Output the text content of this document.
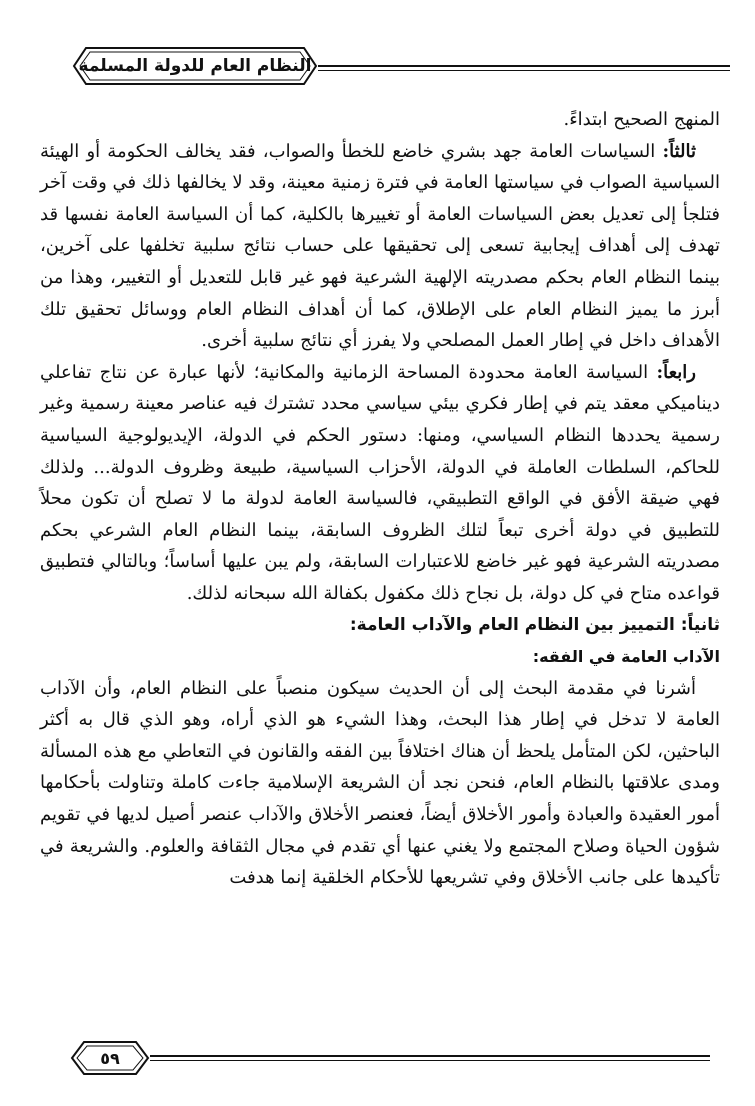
النظام العام للدولة المسلمة

المنهج الصحيح ابتداءً.

ثالثاً: السياسات العامة جهد بشري خاضع للخطأ والصواب، فقد يخالف الحكومة أو الهيئة السياسية الصواب في سياستها العامة في فترة زمنية معينة، وقد لا يخالفها ذلك في وقت آخر فتلجأ إلى تعديل بعض السياسات العامة أو تغييرها بالكلية، كما أن السياسة العامة نفسها قد تهدف إلى أهداف إيجابية تسعى إلى تحقيقها على حساب نتائج سلبية تخلفها على آخرين، بينما النظام العام بحكم مصدريته الإلهية الشرعية فهو غير قابل للتعديل أو التغيير، وهذا من أبرز ما يميز النظام العام على الإطلاق، كما أن أهداف النظام العام ووسائل تحقيق تلك الأهداف داخل في إطار العمل المصلحي ولا يفرز أي نتائج سلبية أخرى.

رابعاً: السياسة العامة محدودة المساحة الزمانية والمكانية؛ لأنها عبارة عن نتاج تفاعلي ديناميكي معقد يتم في إطار فكري بيئي سياسي محدد تشترك فيه عناصر معينة رسمية وغير رسمية يحددها النظام السياسي، ومنها: دستور الحكم في الدولة، الإيديولوجية السياسية للحاكم، السلطات العاملة في الدولة، الأحزاب السياسية، طبيعة وظروف الدولة... ولذلك فهي ضيقة الأفق في الواقع التطبيقي، فالسياسة العامة لدولة ما لا تصلح أن تكون محلاً للتطبيق في دولة أخرى تبعاً لتلك الظروف السابقة، بينما النظام العام الشرعي بحكم مصدريته الشرعية فهو غير خاضع للاعتبارات السابقة، ولم يبن عليها أساساً؛ وبالتالي فتطبيق قواعده متاح في كل دولة، بل نجاح ذلك مكفول بكفالة الله سبحانه لذلك.

ثانياً: التمييز بين النظام العام والآداب العامة:

الآداب العامة في الفقه:

أشرنا في مقدمة البحث إلى أن الحديث سيكون منصباً على النظام العام، وأن الآداب العامة لا تدخل في إطار هذا البحث، وهذا الشيء هو الذي أراه، وهو الذي قال به أكثر الباحثين، لكن المتأمل يلحظ أن هناك اختلافاً بين الفقه والقانون في التعاطي مع هذه المسألة ومدى علاقتها بالنظام العام، فنحن نجد أن الشريعة الإسلامية جاءت كاملة وتناولت بأحكامها أمور العقيدة والعبادة وأمور الأخلاق أيضاً، فعنصر الأخلاق والآداب عنصر أصيل لديها في تقويم شؤون الحياة وصلاح المجتمع ولا يغني عنها أي تقدم في مجال الثقافة والعلوم. والشريعة في تأكيدها على جانب الأخلاق وفي تشريعها للأحكام الخلقية إنما هدفت

٥٩
